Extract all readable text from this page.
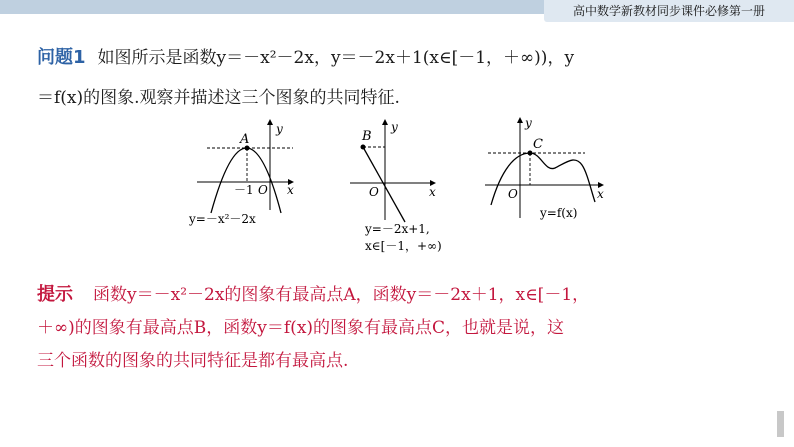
高中数学新教材同步课件必修第一册
问题1 如图所示是函数y＝－x²－2x，y＝－2x＋1(x∈[－1，＋∞))，y
＝f(x)的图象.观察并描述这三个图象的共同特征.
A
－1 O x
y
y=－x²－2x
B
O	x
y
y=－2x+1,
x∈[－1，+∞)
C
O	x
y
y=f(x)
提示 函数y＝－x²－2x的图象有最高点A，函数y＝－2x＋1，x∈[－1，
＋∞)的图象有最高点B，函数y＝f(x)的图象有最高点C，也就是说，这
三个函数的图象的共同特征是都有最高点.
